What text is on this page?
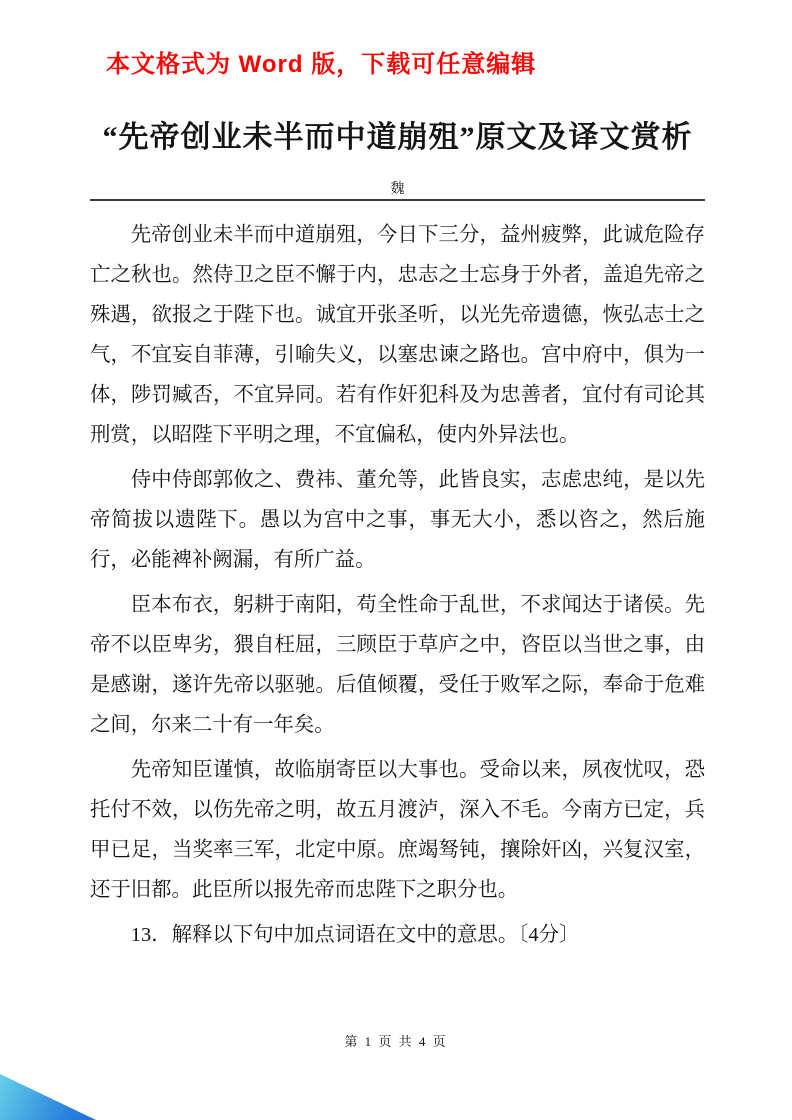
本文格式为 Word 版，下载可任意编辑
“先帝创业未半而中道崩殂”原文及译文赏析
魏

先帝创业未半而中道崩殂，今日下三分，益州疲弊，此诚危险存亡之秋也。然侍卫之臣不懈于内，忠志之士忘身于外者，盖追先帝之殊遇，欲报之于陛下也。诚宜开张圣听，以光先帝遗德，恢弘志士之气，不宜妄自菲薄，引喻失义，以塞忠谏之路也。宫中府中，俱为一体，陟罚臧否，不宜异同。若有作奸犯科及为忠善者，宜付有司论其刑赏，以昭陛下平明之理，不宜偏私，使内外异法也。

侍中侍郎郭攸之、费祎、董允等，此皆良实，志虑忠纯，是以先帝简拔以遗陛下。愚以为宫中之事，事无大小，悉以咨之，然后施行，必能裨补阙漏，有所广益。

臣本布衣，躬耕于南阳，苟全性命于乱世，不求闻达于诸侯。先帝不以臣卑劣，猥自枉屈，三顾臣于草庐之中，咨臣以当世之事，由是感谢，遂许先帝以驱驰。后值倾覆，受任于败军之际，奉命于危难之间，尔来二十有一年矣。

先帝知臣谨慎，故临崩寄臣以大事也。受命以来，夙夜忧叹，恐托付不效，以伤先帝之明，故五月渡泸，深入不毛。今南方已定，兵甲已足，当奖率三军，北定中原。庶竭驽钝，攘除奸凶，兴复汉室，还于旧都。此臣所以报先帝而忠陛下之职分也。

13．解释以下句中加点词语在文中的意思。〔4分〕

第 1 页 共 4 页
